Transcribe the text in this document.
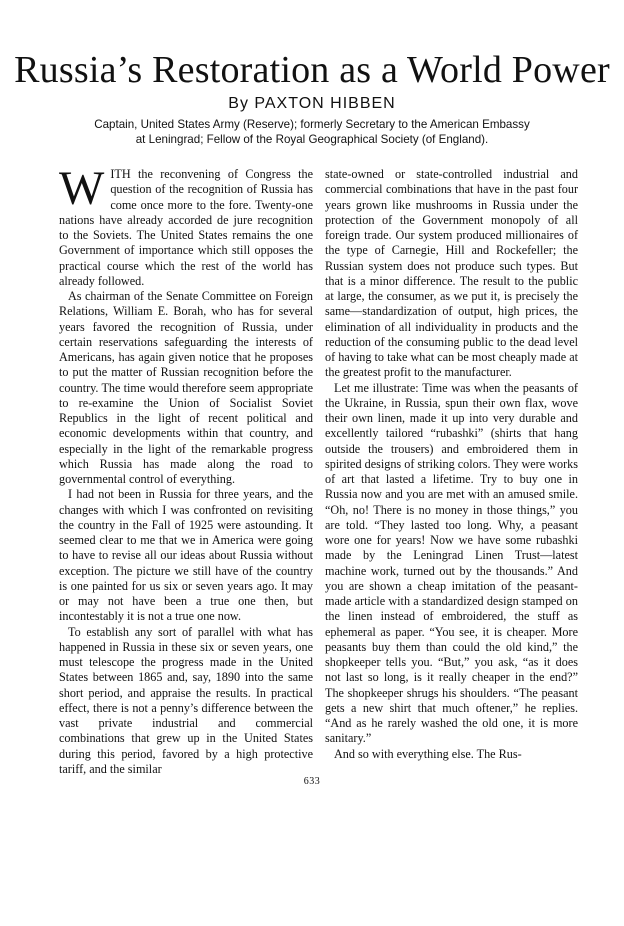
Russia’s Restoration as a World Power
By PAXTON HIBBEN
Captain, United States Army (Reserve); formerly Secretary to the American Embassy
at Leningrad; Fellow of the Royal Geographical Society (of England).

WITH the reconvening of Congress the question of the recognition of Russia has come once more to the fore. Twenty-one nations have already accorded de jure recognition to the Soviets. The United States remains the one Government of importance which still opposes the practical course which the rest of the world has already followed.

As chairman of the Senate Committee on Foreign Relations, William E. Borah, who has for several years favored the recognition of Russia, under certain reservations safeguarding the interests of Americans, has again given notice that he proposes to put the matter of Russian recognition before the country. The time would therefore seem appropriate to re-examine the Union of Socialist Soviet Republics in the light of recent political and economic developments within that country, and especially in the light of the remarkable progress which Russia has made along the road to governmental control of everything.

I had not been in Russia for three years, and the changes with which I was confronted on revisiting the country in the Fall of 1925 were astounding. It seemed clear to me that we in America were going to have to revise all our ideas about Russia without exception. The picture we still have of the country is one painted for us six or seven years ago. It may or may not have been a true one then, but incontestably it is not a true one now.

To establish any sort of parallel with what has happened in Russia in these six or seven years, one must telescope the progress made in the United States between 1865 and, say, 1890 into the same short period, and appraise the results. In practical effect, there is not a penny’s difference between the vast private industrial and commercial combinations that grew up in the United States during this period, favored by a high protective tariff, and the similar

state-owned or state-controlled industrial and commercial combinations that have in the past four years grown like mushrooms in Russia under the protection of the Government monopoly of all foreign trade. Our system produced millionaires of the type of Carnegie, Hill and Rockefeller; the Russian system does not produce such types. But that is a minor difference. The result to the public at large, the consumer, as we put it, is precisely the same—standardization of output, high prices, the elimination of all individuality in products and the reduction of the consuming public to the dead level of having to take what can be most cheaply made at the greatest profit to the manufacturer.

Let me illustrate: Time was when the peasants of the Ukraine, in Russia, spun their own flax, wove their own linen, made it up into very durable and excellently tailored “rubashki” (shirts that hang outside the trousers) and embroidered them in spirited designs of striking colors. They were works of art that lasted a lifetime. Try to buy one in Russia now and you are met with an amused smile. “Oh, no! There is no money in those things,” you are told. “They lasted too long. Why, a peasant wore one for years! Now we have some rubashki made by the Leningrad Linen Trust—latest machine work, turned out by the thousands.” And you are shown a cheap imitation of the peasant-made article with a standardized design stamped on the linen instead of embroidered, the stuff as ephemeral as paper. “You see, it is cheaper. More peasants buy them than could the old kind,” the shopkeeper tells you. “But,” you ask, “as it does not last so long, is it really cheaper in the end?” The shopkeeper shrugs his shoulders. “The peasant gets a new shirt that much oftener,” he replies. “And as he rarely washed the old one, it is more sanitary.”

And so with everything else. The Rus-

633
